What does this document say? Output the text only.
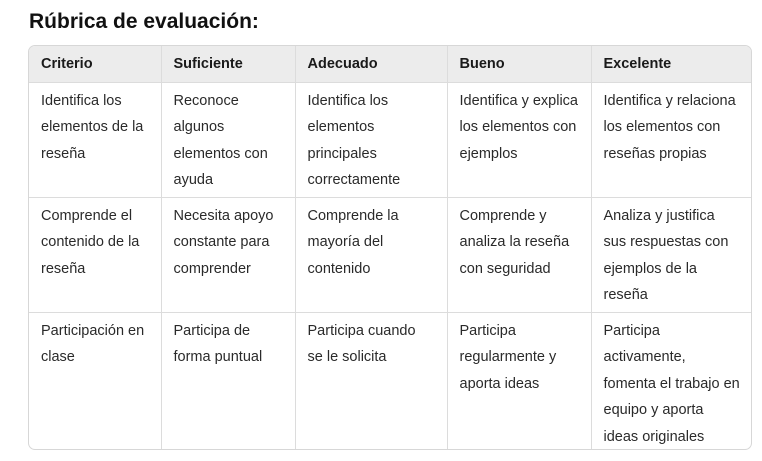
Rúbrica de evaluación:
Criterio	Suficiente	Adecuado	Bueno	Excelente
Identifica los elementos de la reseña	Reconoce algunos elementos con ayuda	Identifica los elementos principales correctamente	Identifica y explica los elementos con ejemplos	Identifica y relaciona los elementos con reseñas propias
Comprende el contenido de la reseña	Necesita apoyo constante para comprender	Comprende la mayoría del contenido	Comprende y analiza la reseña con seguridad	Analiza y justifica sus respuestas con ejemplos de la reseña
Participación en clase	Participa de forma puntual	Participa cuando se le solicita	Participa regularmente y aporta ideas	Participa activamente, fomenta el trabajo en equipo y aporta ideas originales
